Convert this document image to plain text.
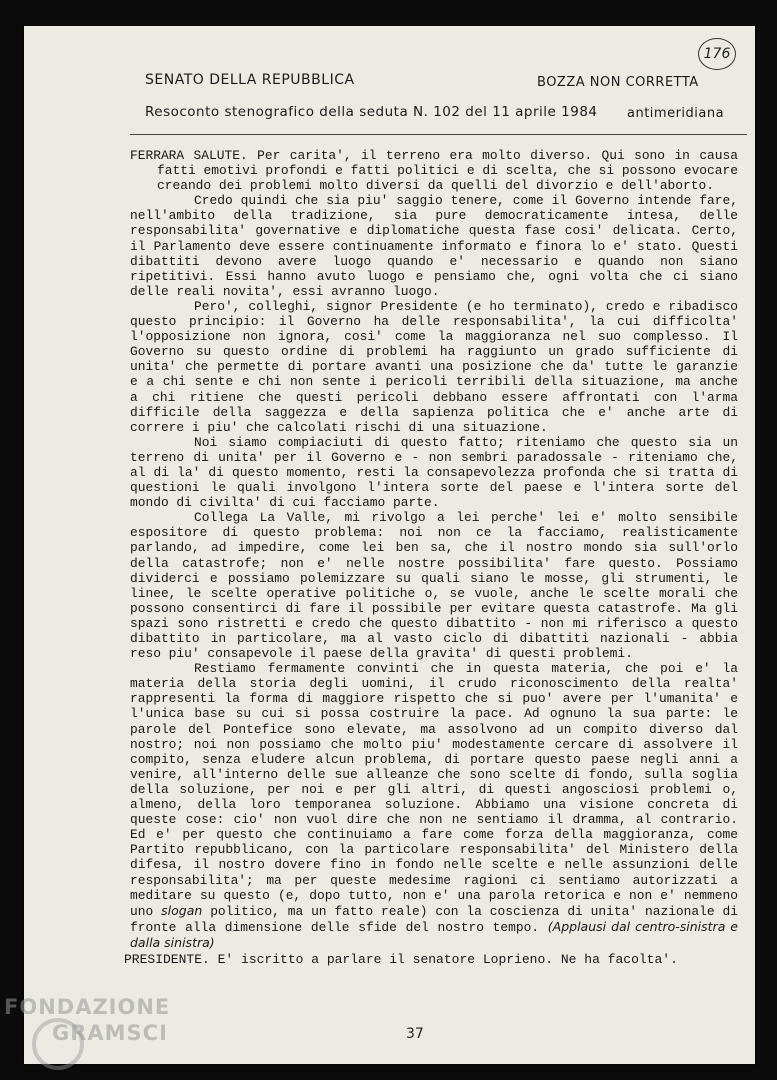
176
SENATO DELLA REPUBBLICA	BOZZA NON CORRETTA
Resoconto stenografico della seduta N. 102 del 11 aprile 1984 antimeridiana

FERRARA SALUTE. Per carita', il terreno era molto diverso. Qui sono in causa fatti emotivi profondi e fatti politici e di scelta, che si possono evocare creando dei problemi molto diversi da quelli del divorzio e dell'aborto.

Credo quindi che sia piu' saggio tenere, come il Governo intende fare, nell'ambito della tradizione, sia pure democraticamente intesa, delle responsabilita' governative e diplomatiche questa fase cosi' delicata. Certo, il Parlamento deve essere continuamente informato e finora lo e' stato. Questi dibattiti devono avere luogo quando e' necessario e quando non siano ripetitivi. Essi hanno avuto luogo e pensiamo che, ogni volta che ci siano delle reali novita', essi avranno luogo.

Pero', colleghi, signor Presidente (e ho terminato), credo e ribadisco questo principio: il Governo ha delle responsabilita', la cui difficolta' l'opposizione non ignora, cosi' come la maggioranza nel suo complesso. Il Governo su questo ordine di problemi ha raggiunto un grado sufficiente di unita' che permette di portare avanti una posizione che da' tutte le garanzie e a chi sente e chi non sente i pericoli terribili della situazione, ma anche a chi ritiene che questi pericoli debbano essere affrontati con l'arma difficile della saggezza e della sapienza politica che e' anche arte di correre i piu' che calcolati rischi di una situazione.

Noi siamo compiaciuti di questo fatto; riteniamo che questo sia un terreno di unita' per il Governo e - non sembri paradossale - riteniamo che, al di la' di questo momento, resti la consapevolezza profonda che si tratta di questioni le quali involgono l'intera sorte del paese e l'intera sorte del mondo di civilta' di cui facciamo parte.

Collega La Valle, mi rivolgo a lei perche' lei e' molto sensibile espositore di questo problema: noi non ce la facciamo, realisticamente parlando, ad impedire, come lei ben sa, che il nostro mondo sia sull'orlo della catastrofe; non e' nelle nostre possibilita' fare questo. Possiamo dividerci e possiamo polemizzare su quali siano le mosse, gli strumenti, le linee, le scelte operative politiche o, se vuole, anche le scelte morali che possono consentirci di fare il possibile per evitare questa catastrofe. Ma gli spazi sono ristretti e credo che questo dibattito - non mi riferisco a questo dibattito in particolare, ma al vasto ciclo di dibattiti nazionali - abbia reso piu' consapevole il paese della gravita' di questi problemi.

Restiamo fermamente convinti che in questa materia, che poi e' la materia della storia degli uomini, il crudo riconoscimento della realta' rappresenti la forma di maggiore rispetto che si puo' avere per l'umanita' e l'unica base su cui si possa costruire la pace. Ad ognuno la sua parte: le parole del Pontefice sono elevate, ma assolvono ad un compito diverso dal nostro; noi non possiamo che molto piu' modestamente cercare di assolvere il compito, senza eludere alcun problema, di portare questo paese negli anni a venire, all'interno delle sue alleanze che sono scelte di fondo, sulla soglia della soluzione, per noi e per gli altri, di questi angosciosi problemi o, almeno, della loro temporanea soluzione. Abbiamo una visione concreta di queste cose: cio' non vuol dire che non ne sentiamo il dramma, al contrario. Ed e' per questo che continuiamo a fare come forza della maggioranza, come Partito repubblicano, con la particolare responsabilita' del Ministero della difesa, il nostro dovere fino in fondo nelle scelte e nelle assunzioni delle responsabilita'; ma per queste medesime ragioni ci sentiamo autorizzati a meditare su questo (e, dopo tutto, non e' una parola retorica e non e' nemmeno uno slogan politico, ma un fatto reale) con la coscienza di unita' nazionale di fronte alla dimensione delle sfide del nostro tempo. (Applausi dal centro-sinistra e dalla sinistra)

PRESIDENTE. E' iscritto a parlare il senatore Loprieno. Ne ha facolta'.
37
FONDAZIONE
GRAMSCI
